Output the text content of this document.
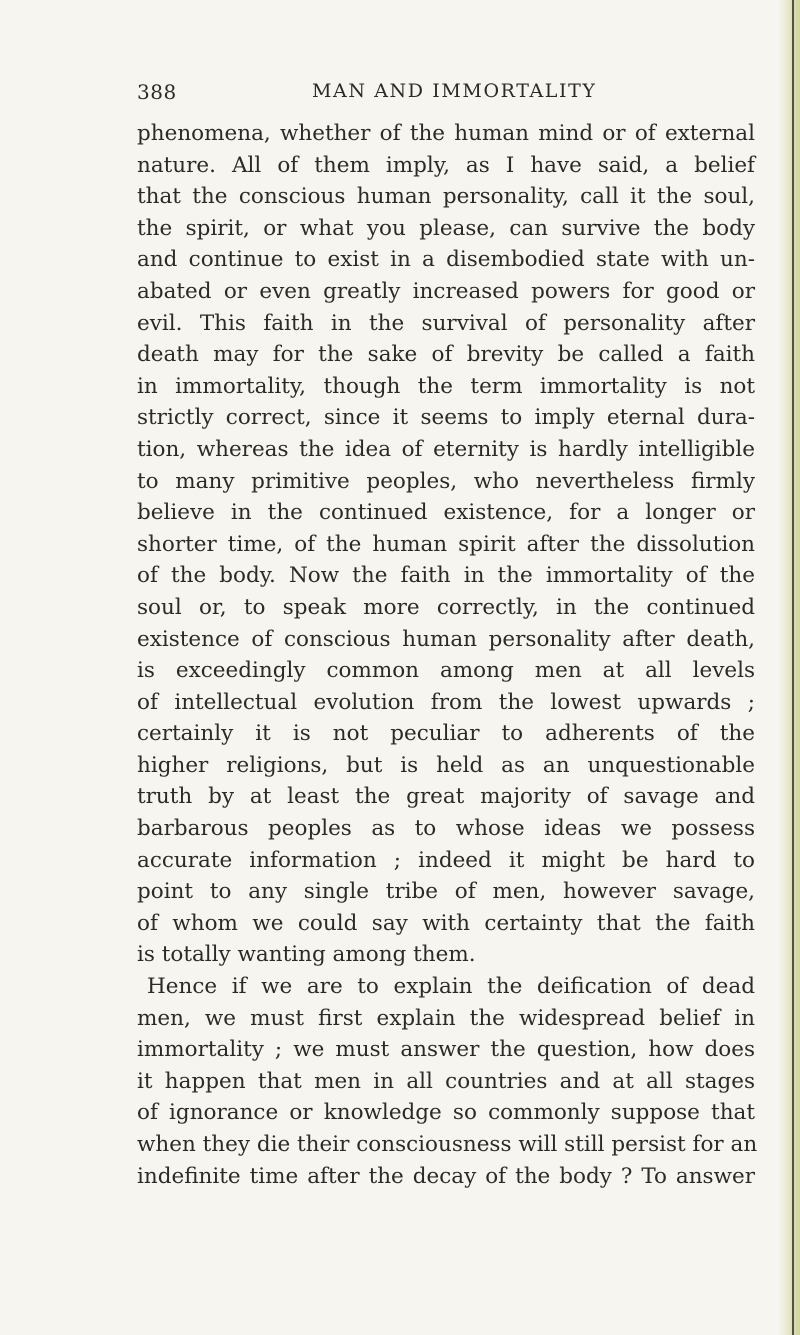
388	MAN AND IMMORTALITY
phenomena, whether of the human mind or of external
nature. All of them imply, as I have said, a belief
that the conscious human personality, call it the soul,
the spirit, or what you please, can survive the body
and continue to exist in a disembodied state with un-
abated or even greatly increased powers for good or
evil. This faith in the survival of personality after
death may for the sake of brevity be called a faith
in immortality, though the term immortality is not
strictly correct, since it seems to imply eternal dura-
tion, whereas the idea of eternity is hardly intelligible
to many primitive peoples, who nevertheless firmly
believe in the continued existence, for a longer or
shorter time, of the human spirit after the dissolution
of the body. Now the faith in the immortality of the
soul or, to speak more correctly, in the continued
existence of conscious human personality after death,
is exceedingly common among men at all levels
of intellectual evolution from the lowest upwards ;
certainly it is not peculiar to adherents of the
higher religions, but is held as an unquestionable
truth by at least the great majority of savage and
barbarous peoples as to whose ideas we possess
accurate information ; indeed it might be hard to
point to any single tribe of men, however savage,
of whom we could say with certainty that the faith
is totally wanting among them.
Hence if we are to explain the deification of dead
men, we must first explain the widespread belief in
immortality ; we must answer the question, how does
it happen that men in all countries and at all stages
of ignorance or knowledge so commonly suppose that
when they die their consciousness will still persist for an
indefinite time after the decay of the body ? To answer
